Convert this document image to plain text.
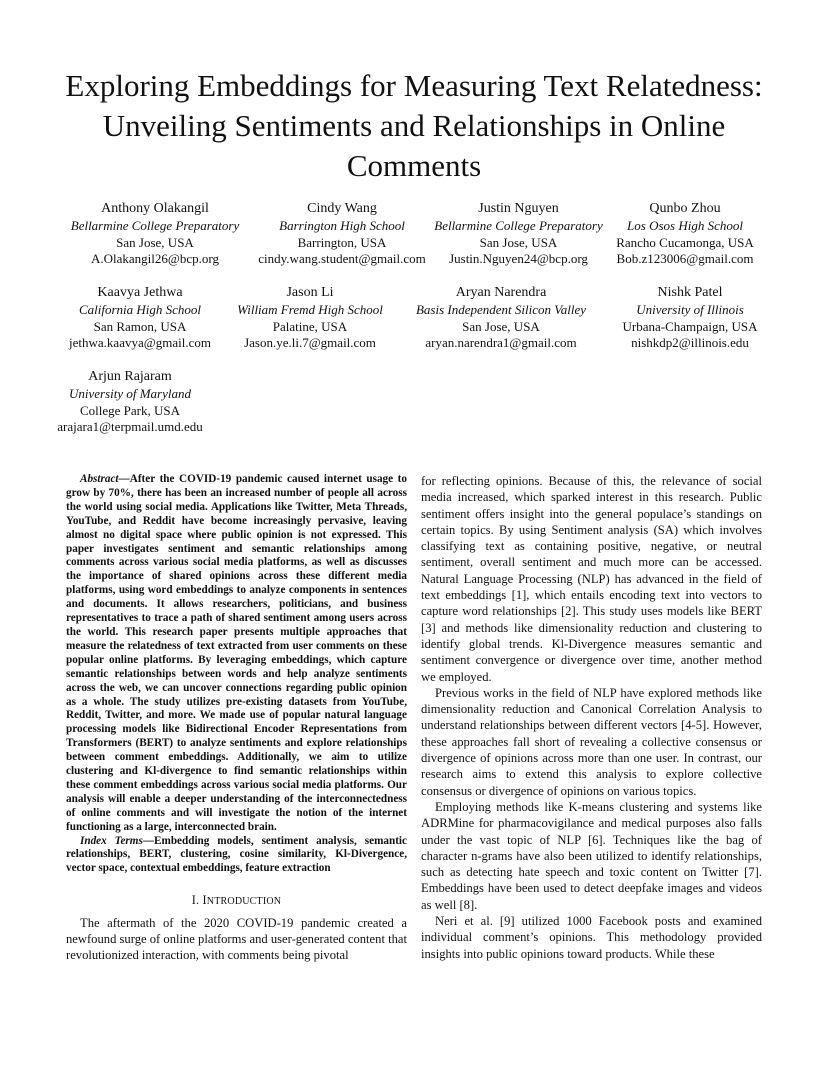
Exploring Embeddings for Measuring Text Relatedness: Unveiling Sentiments and Relationships in Online Comments
Anthony Olakangil
Bellarmine College Preparatory
San Jose, USA
A.Olakangil26@bcp.org
Cindy Wang
Barrington High School
Barrington, USA
cindy.wang.student@gmail.com
Justin Nguyen
Bellarmine College Preparatory
San Jose, USA
Justin.Nguyen24@bcp.org
Qunbo Zhou
Los Osos High School
Rancho Cucamonga, USA
Bob.z123006@gmail.com
Kaavya Jethwa
California High School
San Ramon, USA
jethwa.kaavya@gmail.com
Jason Li
William Fremd High School
Palatine, USA
Jason.ye.li.7@gmail.com
Aryan Narendra
Basis Independent Silicon Valley
San Jose, USA
aryan.narendra1@gmail.com
Nishk Patel
University of Illinois
Urbana-Champaign, USA
nishkdp2@illinois.edu
Arjun Rajaram
University of Maryland
College Park, USA
arajara1@terpmail.umd.edu

Abstract—After the COVID-19 pandemic caused internet usage to grow by 70%, there has been an increased number of people all across the world using social media. Applications like Twitter, Meta Threads, YouTube, and Reddit have become increasingly pervasive, leaving almost no digital space where public opinion is not expressed. This paper investigates sentiment and semantic relationships among comments across various social media platforms, as well as discusses the importance of shared opinions across these different media platforms, using word embeddings to analyze components in sentences and documents. It allows researchers, politicians, and business representatives to trace a path of shared sentiment among users across the world. This research paper presents multiple approaches that measure the relatedness of text extracted from user comments on these popular online platforms. By leveraging embeddings, which capture semantic relationships between words and help analyze sentiments across the web, we can uncover connections regarding public opinion as a whole. The study utilizes pre-existing datasets from YouTube, Reddit, Twitter, and more. We made use of popular natural language processing models like Bidirectional Encoder Representations from Transformers (BERT) to analyze sentiments and explore relationships between comment embeddings. Additionally, we aim to utilize clustering and Kl-divergence to find semantic relationships within these comment embeddings across various social media platforms. Our analysis will enable a deeper understanding of the interconnectedness of online comments and will investigate the notion of the internet functioning as a large, interconnected brain.

Index Terms—Embedding models, sentiment analysis, semantic relationships, BERT, clustering, cosine similarity, Kl-Divergence, vector space, contextual embeddings, feature extraction

I. INTRODUCTION

The aftermath of the 2020 COVID-19 pandemic created a newfound surge of online platforms and user-generated content that revolutionized interaction, with comments being pivotal

for reflecting opinions. Because of this, the relevance of social media increased, which sparked interest in this research. Public sentiment offers insight into the general populace’s standings on certain topics. By using Sentiment analysis (SA) which involves classifying text as containing positive, negative, or neutral sentiment, overall sentiment and much more can be accessed. Natural Language Processing (NLP) has advanced in the field of text embeddings [1], which entails encoding text into vectors to capture word relationships [2]. This study uses models like BERT [3] and methods like dimensionality reduction and clustering to identify global trends. Kl-Divergence measures semantic and sentiment convergence or divergence over time, another method we employed.

Previous works in the field of NLP have explored methods like dimensionality reduction and Canonical Correlation Analysis to understand relationships between different vectors [4-5]. However, these approaches fall short of revealing a collective consensus or divergence of opinions across more than one user. In contrast, our research aims to extend this analysis to explore collective consensus or divergence of opinions on various topics.

Employing methods like K-means clustering and systems like ADRMine for pharmacovigilance and medical purposes also falls under the vast topic of NLP [6]. Techniques like the bag of character n-grams have also been utilized to identify relationships, such as detecting hate speech and toxic content on Twitter [7]. Embeddings have been used to detect deepfake images and videos as well [8].

Neri et al. [9] utilized 1000 Facebook posts and examined individual comment’s opinions. This methodology provided insights into public opinions toward products. While these
